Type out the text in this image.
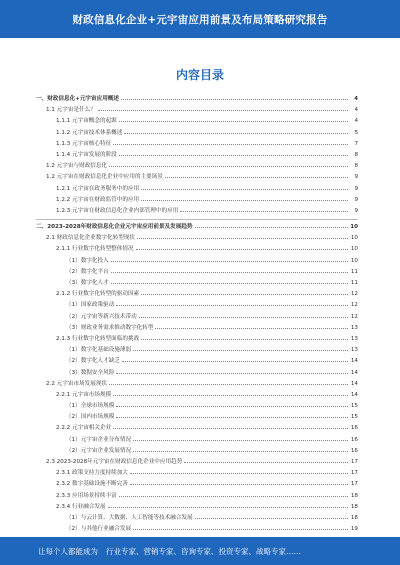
财政信息化企业+元宇宙应用前景及布局策略研究报告
内容目录
一、财政信息化+元宇宙应用概述	4
1.1 元宇宙是什么？	4
1.1.1 元宇宙概念的起源	4
1.1.2 元宇宙技术体系概述	5
1.1.3 元宇宙核心特征	7
1.1.4 元宇宙发展的阶段	8
1.2 元宇宙与财政信息化	8
1.2 元宇宙在财政信息化企业中应用的主要场景	9
1.2.1 元宇宙在政务服务中的应用	9
1.2.2 元宇宙在财政监管中的应用	9
1.2.3 元宇宙在财政信息化企业内部管理中的应用	9
二、2023-2028年财政信息化企业元宇宙应用前景及发展趋势	10
2.1 财政信息化企业数字化转型现状	10
2.1.1 行业数字化转型整体情况	10
（1）数字化投入	10
（2）数字化平台	11
（3）数字化人才	11
2.1.2 行业数字化转型的驱动因素	12
（1）国家政策驱动	12
（2）元宇宙等新兴技术带动	12
（3）财政业务需求推动数字化转型	13
2.1.3 行业数字化转型面临的挑战	13
（1）数字化基础设施薄弱	13
（2）数字化人才缺乏	14
（3）数据安全风险	14
2.2 元宇宙市场发展现状	14
2.2.1 元宇宙市场规模	14
（1）全球市场规模	15
（2）国内市场规模	15
2.2.2 元宇宙相关企业	16
（1）元宇宙企业分布情况	16
（2）元宇宙企业发展情况	16
2.3 2023-2028年元宇宙在财政信息化企业中应用趋势	17
2.3.1 政策支持力度持续加大	17
2.3.2 数字基础设施不断完善	17
2.3.3 应用场景持续丰富	18
2.3.4 行业融合发展	18
（1）与云计算、大数据、人工智能等技术融合发展	18
（2）与其他行业融合发展	19
·
让每个人都能成为 行业专家、营销专家、咨询专家、投资专家、战略专家……
